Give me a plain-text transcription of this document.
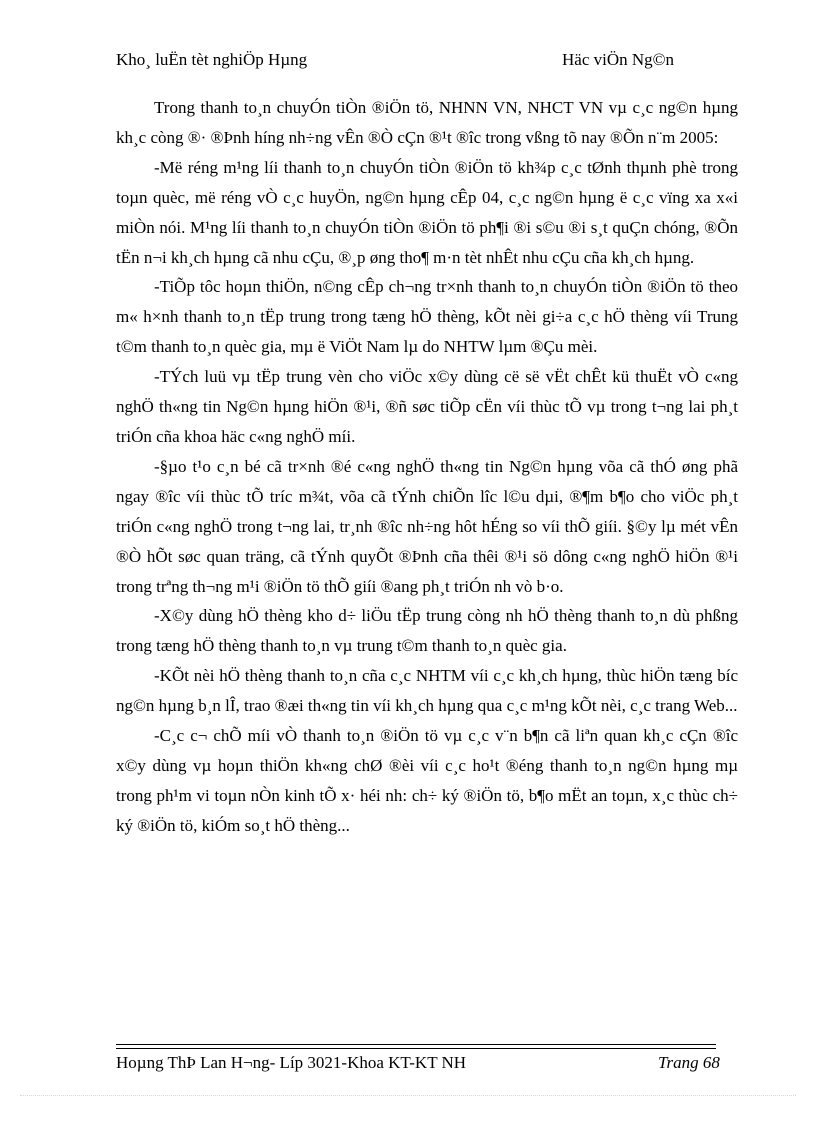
Kho¸ luËn tèt nghiÖp Hµng	Häc viÖn Ng©n

Trong thanh to¸n chuyÓn tiÒn ®iÖn tö, NHNN VN, NHCT VN vµ c¸c ng©n hµng kh¸c còng ®· ®Þnh híng nh÷ng vÊn ®Ò cÇn ®¹t ®îc trong vßng tõ nay ®Õn n¨m 2005:

-Më réng m¹ng líi thanh to¸n chuyÓn tiÒn ®iÖn tö kh¾p c¸c tØnh thµnh phè trong toµn quèc, më réng vÒ c¸c huyÖn, ng©n hµng cÊp 04, c¸c ng©n hµng ë c¸c vïng xa x«i miÒn nói. M¹ng líi thanh to¸n chuyÓn tiÒn ®iÖn tö ph¶i ®i s©u ®i s¸t quÇn chóng, ®Õn tËn n¬i kh¸ch hµng cã nhu cÇu, ®¸p øng tho¶ m·n tèt nhÊt nhu cÇu cña kh¸ch hµng.

-TiÕp tôc hoµn thiÖn, n©ng cÊp ch¬ng tr×nh thanh to¸n chuyÓn tiÒn ®iÖn tö theo m« h×nh thanh to¸n tËp trung trong tæng hÖ thèng, kÕt nèi gi÷a c¸c hÖ thèng víi Trung t©m thanh to¸n quèc gia, mµ ë ViÖt Nam lµ do NHTW lµm ®Çu mèi.

-TÝch luü vµ tËp trung vèn cho viÖc x©y dùng cë së vËt chÊt kü thuËt vÒ c«ng nghÖ th«ng tin Ng©n hµng hiÖn ®¹i, ®ñ søc tiÕp cËn víi thùc tÕ vµ trong t¬ng lai ph¸t triÓn cña khoa häc c«ng nghÖ míi.

-§µo t¹o c¸n bé cã tr×nh ®é c«ng nghÖ th«ng tin Ng©n hµng võa cã thÓ øng phã ngay ®îc víi thùc tÕ tríc m¾t, võa cã tÝnh chiÕn lîc l©u dµi, ®¶m b¶o cho viÖc ph¸t triÓn c«ng nghÖ trong t¬ng lai, tr¸nh ®îc nh÷ng hôt hÉng so víi thÕ giíi. §©y lµ mét vÊn ®Ò hÕt søc quan träng, cã tÝnh quyÕt ®Þnh cña thêi ®¹i sö dông c«ng nghÖ hiÖn ®¹i trong trªng th¬ng m¹i ®iÖn tö thÕ giíi ®ang ph¸t triÓn nh vò b·o.

-X©y dùng hÖ thèng kho d÷ liÖu tËp trung còng nh hÖ thèng thanh to¸n dù phßng trong tæng hÖ thèng thanh to¸n vµ trung t©m thanh to¸n quèc gia.

-KÕt nèi hÖ thèng thanh to¸n cña c¸c NHTM víi c¸c kh¸ch hµng, thùc hiÖn tæng bíc ng©n hµng b¸n lÎ, trao ®æi th«ng tin víi kh¸ch hµng qua c¸c m¹ng kÕt nèi, c¸c trang Web...

-C¸c c¬ chÕ míi vÒ thanh to¸n ®iÖn tö vµ c¸c v¨n b¶n cã liªn quan kh¸c cÇn ®îc x©y dùng vµ hoµn thiÖn kh«ng chØ ®èi víi c¸c ho¹t ®éng thanh to¸n ng©n hµng mµ trong ph¹m vi toµn nÒn kinh tÕ x· héi nh: ch÷ ký ®iÖn tö, b¶o mËt an toµn, x¸c thùc ch÷ ký ®iÖn tö, kiÓm so¸t hÖ thèng...

Hoµng ThÞ Lan H¬ng- Líp 3021-Khoa KT-KT NH	Trang 68
